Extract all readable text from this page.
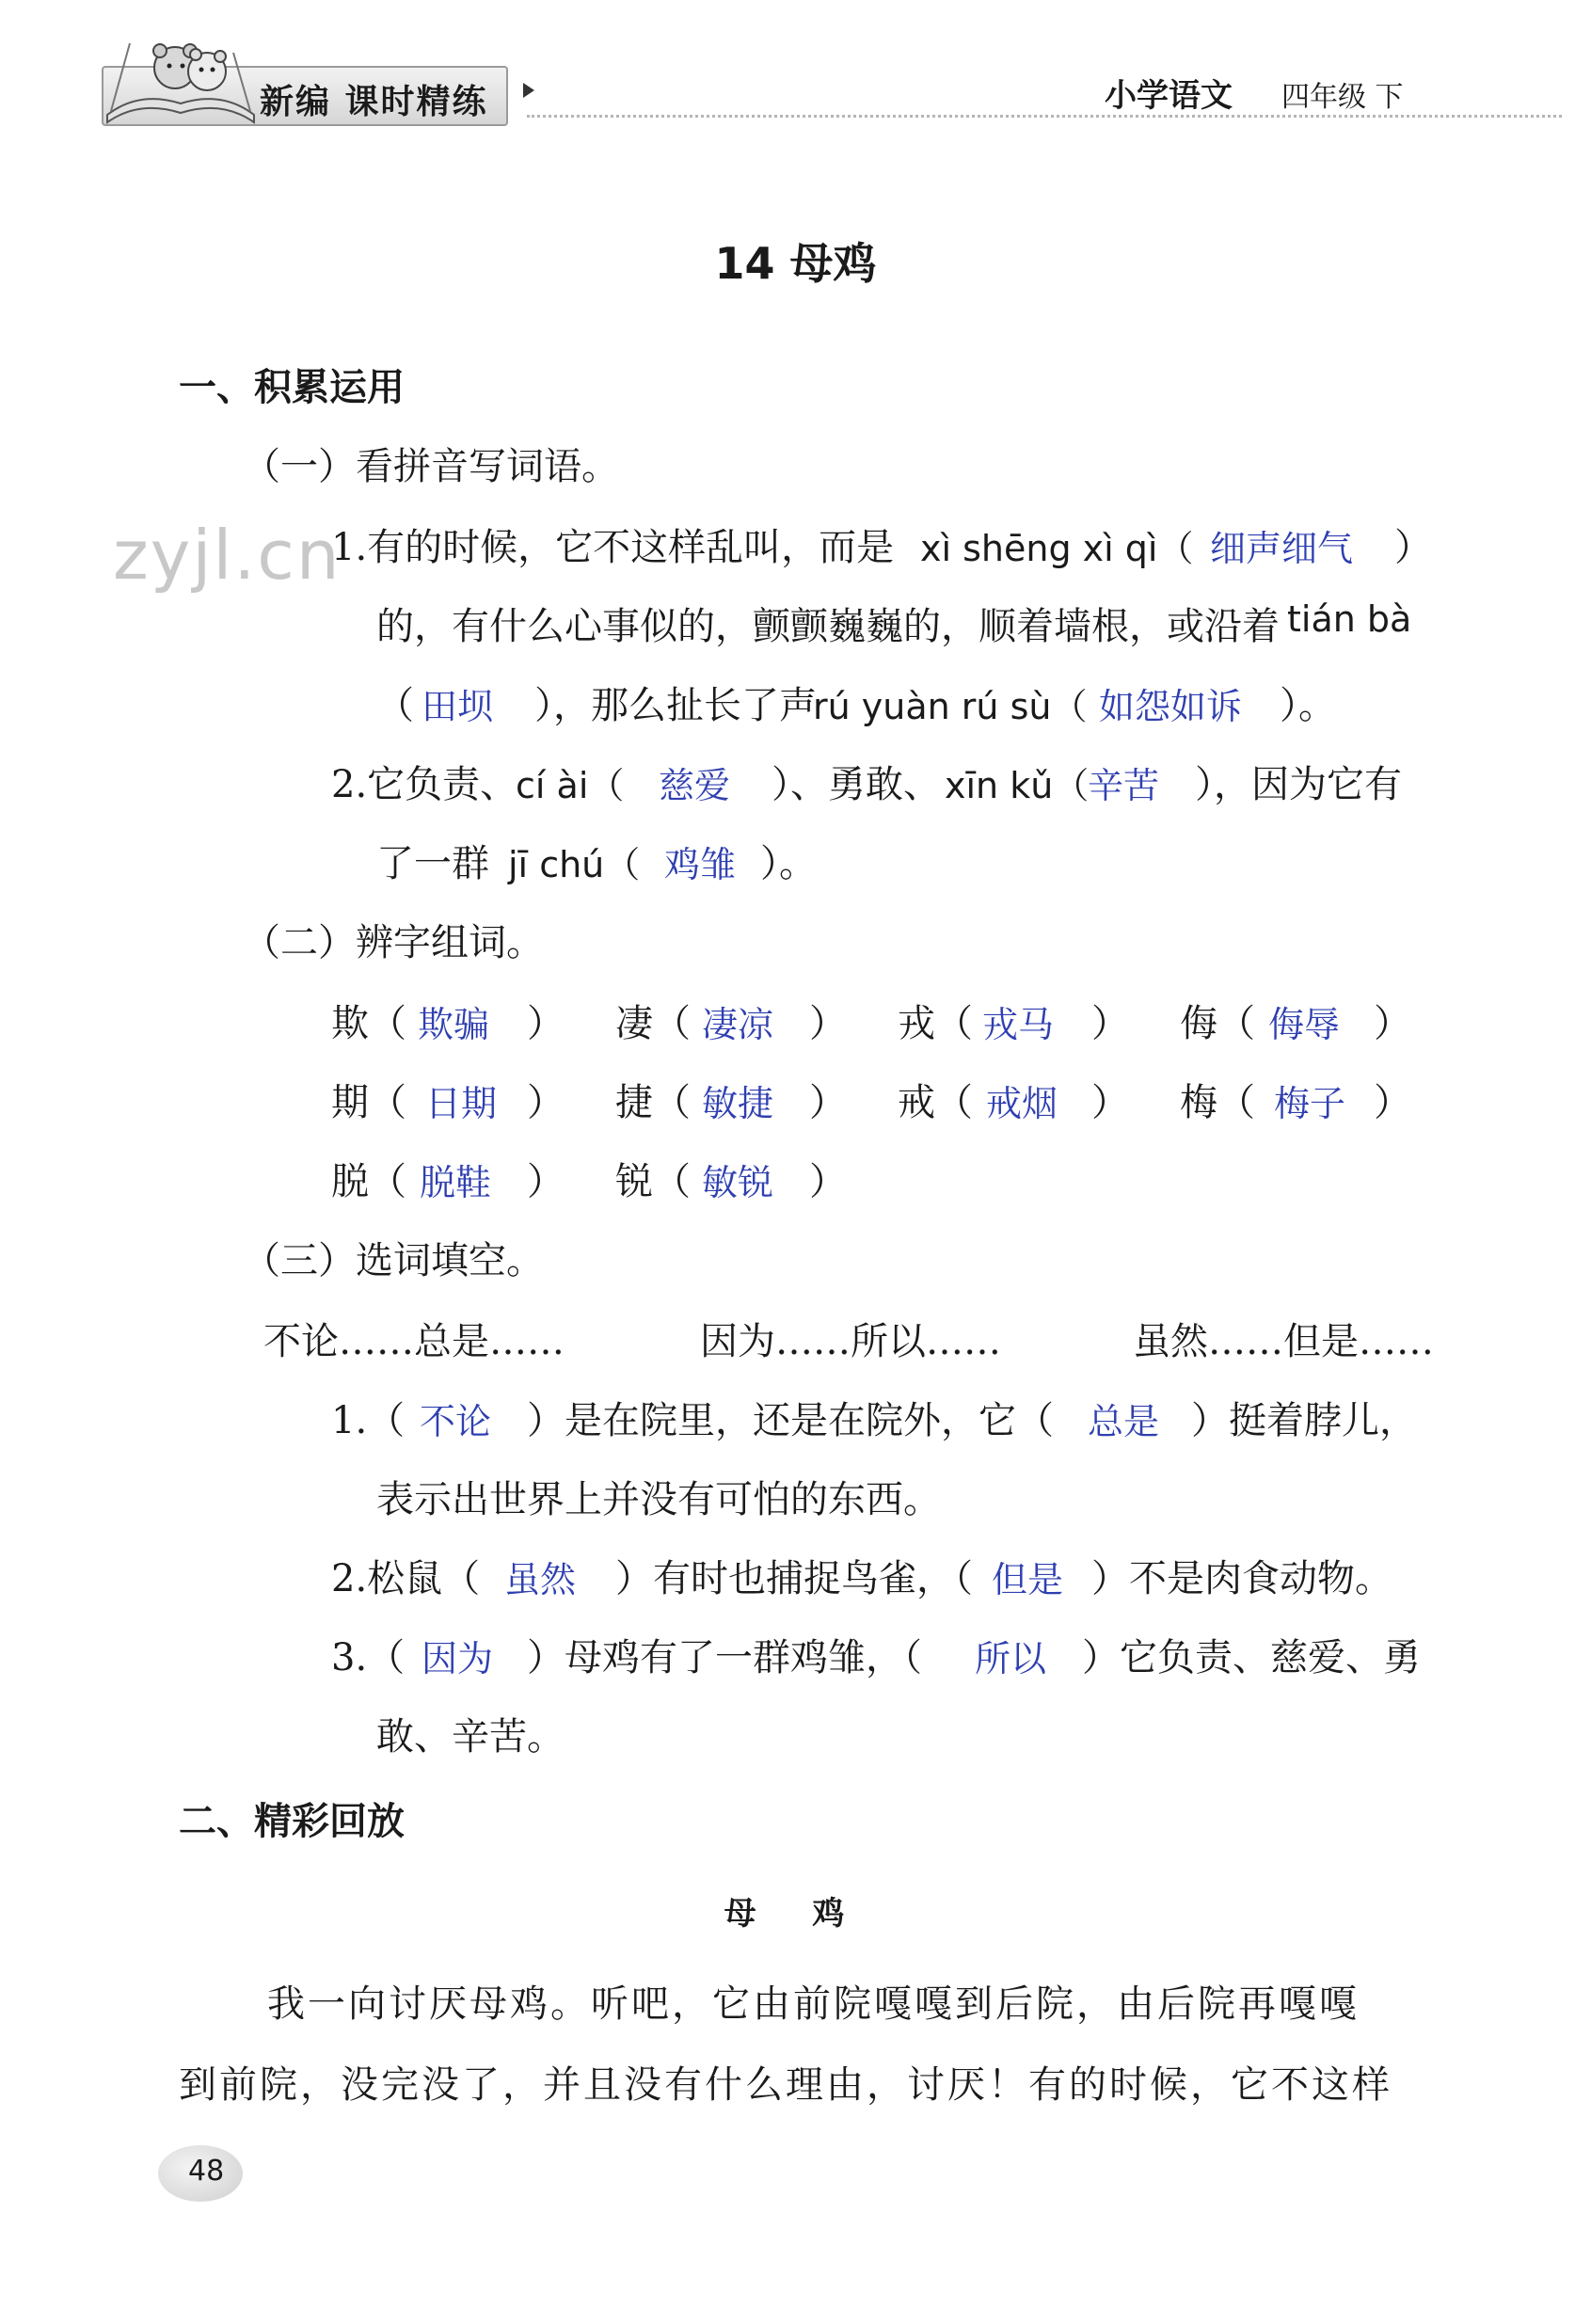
新编 课时精练	小学语文 四年级 下
14 母鸡
一、积累运用
（一）看拼音写词语。
zyjl.cn
1.有的时候，它不这样乱叫，而是 xì shēng xì qì（ 细声细气 ）
的，有什么心事似的，颤颤巍巍的，顺着墙根，或沿着 tián bà
（ 田坝 ），那么扯长了声
rú yuàn rú sù（ 如怨如诉 ）。
2.它负责、
cí ài（ 慈爱 ）、勇敢、 xīn kǔ（
辛苦 ），因为它有
了一群 jī chú（ 鸡雏 ）。
（二）辨字组词。
欺（ 欺骗 ） 凄（ 凄凉 ） 戎（ 戎马 ） 侮（ 侮辱 ）
期（ 日期 ） 捷（ 敏捷 ） 戒（ 戒烟 ） 梅（ 梅子 ）
脱（ 脱鞋 ） 锐（ 敏锐 ）
（三）选词填空。
不论……总是……	因为……所以……	虽然……但是……
1.（ 不论 ）是在院里，还是在院外，它（ 总是 ）挺着脖儿，
表示出世界上并没有可怕的东西。
2.松鼠（ 虽然 ）有时也捕捉鸟雀，（ 但是 ）不是肉食动物。
3.（ 因为 ）母鸡有了一群鸡雏，（ 所以 ）它负责、慈爱、勇
敢、辛苦。
二、精彩回放
母 鸡
我一向讨厌母鸡。听吧，它由前院嘎嘎到后院，由后院再嘎嘎
到前院，没完没了，并且没有什么理由，讨厌！有的时候，它不这样
48
